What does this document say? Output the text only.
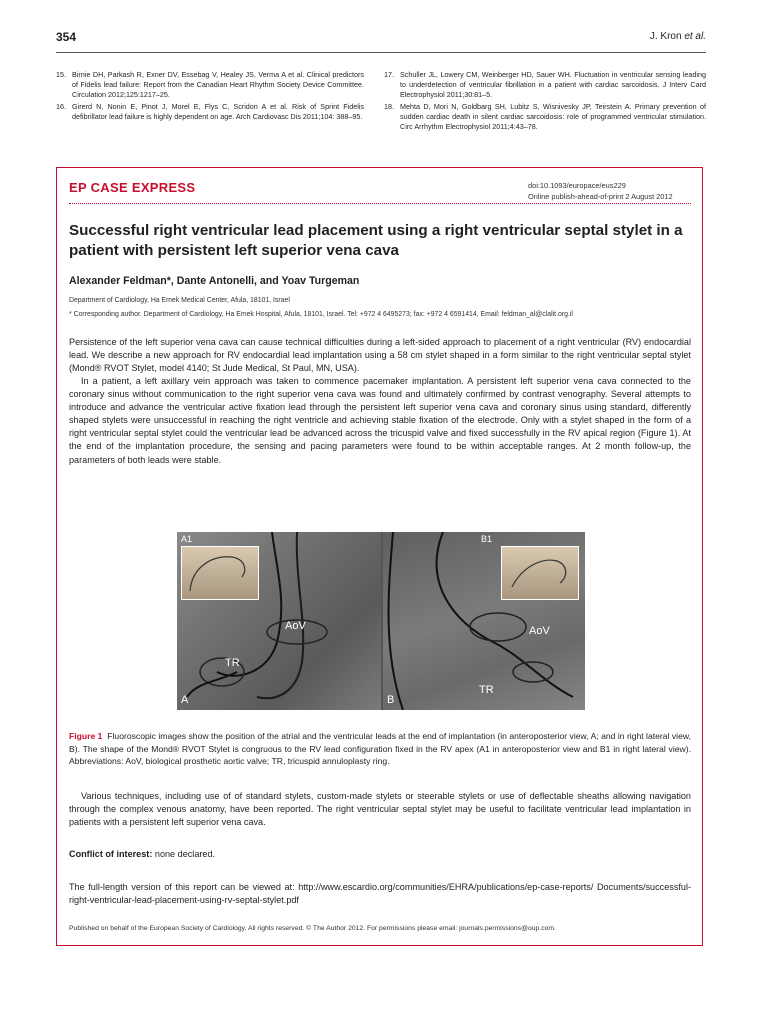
354	J. Kron et al.
15. Birnie DH, Parkash R, Exner DV, Essebag V, Healey JS, Verma A et al. Clinical predictors of Fidelis lead failure: Report from the Canadian Heart Rhythm Society Device Committee. Circulation 2012;125:1217–25.
16. Girerd N, Nonin E, Pinot J, Morel E, Flys C, Scridon A et al. Risk of Sprint Fidelis defibrillator lead failure is highly dependent on age. Arch Cardiovasc Dis 2011;104: 388–95.
17. Schuller JL, Lowery CM, Weinberger HD, Sauer WH. Fluctuation in ventricular sensing leading to underdetection of ventricular fibrillation in a patient with cardiac sarcoidosis. J Interv Card Electrophysiol 2011;30:81–5.
18. Mehta D, Mori N, Goldbarg SH, Lubitz S, Wisnivesky JP, Teirstein A. Primary prevention of sudden cardiac death in silent cardiac sarcoidosis: role of programmed ventricular stimulation. Circ Arrhythm Electrophysiol 2011;4:43–78.
EP CASE EXPRESS	doi:10.1093/europace/eus229
Online publish-ahead-of-print 2 August 2012
Successful right ventricular lead placement using a right ventricular septal stylet in a patient with persistent left superior vena cava
Alexander Feldman*, Dante Antonelli, and Yoav Turgeman
Department of Cardiology, Ha Emek Medical Center, Afula, 18101, Israel
* Corresponding author. Department of Cardiology, Ha Emek Hospital, Afula, 18101, Israel. Tel: +972 4 6495273; fax: +972 4 6591414, Email: feldman_al@clalit.org.il
Persistence of the left superior vena cava can cause technical difficulties during a left-sided approach to placement of a right ventricular (RV) endocardial lead. We describe a new approach for RV endocardial lead implantation using a 58 cm stylet shaped in a form similar to the right ventricular septal stylet (Mond® RVOT Stylet, model 4140; St Jude Medical, St Paul, MN, USA).
In a patient, a left axillary vein approach was taken to commence pacemaker implantation. A persistent left superior vena cava connected to the coronary sinus without communication to the right superior vena cava was found and ultimately confirmed by contrast venography. Several attempts to introduce and advance the ventricular active fixation lead through the persistent left superior vena cava and coronary sinus using standard, differently shaped stylets were unsuccessful in reaching the right ventricle and achieving stable fixation of the electrode. Only with a stylet shaped in the form of a right ventricular septal stylet could the ventricular lead be advanced across the tricuspid valve and fixed successfully in the RV apical region (Figure 1). At the end of the implantation procedure, the sensing and pacing parameters were found to be within acceptable ranges. At 2 month follow-up, the parameters of both leads were stable.
A1
AoV
TR
A
B1
AoV
TR
B
Figure 1 Fluoroscopic images show the position of the atrial and the ventricular leads at the end of implantation (in anteroposterior view, A; and in right lateral view, B). The shape of the Mond® RVOT Stylet is congruous to the RV lead configuration fixed in the RV apex (A1 in anteroposterior view and B1 in right lateral view). Abbreviations: AoV, biological prosthetic aortic valve; TR, tricuspid annuloplasty ring.
Various techniques, including use of of standard stylets, custom-made stylets or steerable stylets or use of deflectable sheaths allowing navigation through the complex venous anatomy, have been reported. The right ventricular septal stylet may be useful to facilitate ventricular lead implantation in patients with a persistent left superior vena cava.
Conflict of interest: none declared.
The full-length version of this report can be viewed at: http://www.escardio.org/communities/EHRA/publications/ep-case-reports/ Documents/successful-right-ventricular-lead-placement-using-rv-septal-stylet.pdf
Published on behalf of the European Society of Cardiology. All rights reserved. © The Author 2012. For permissions please email: journals.permissions@oup.com.
